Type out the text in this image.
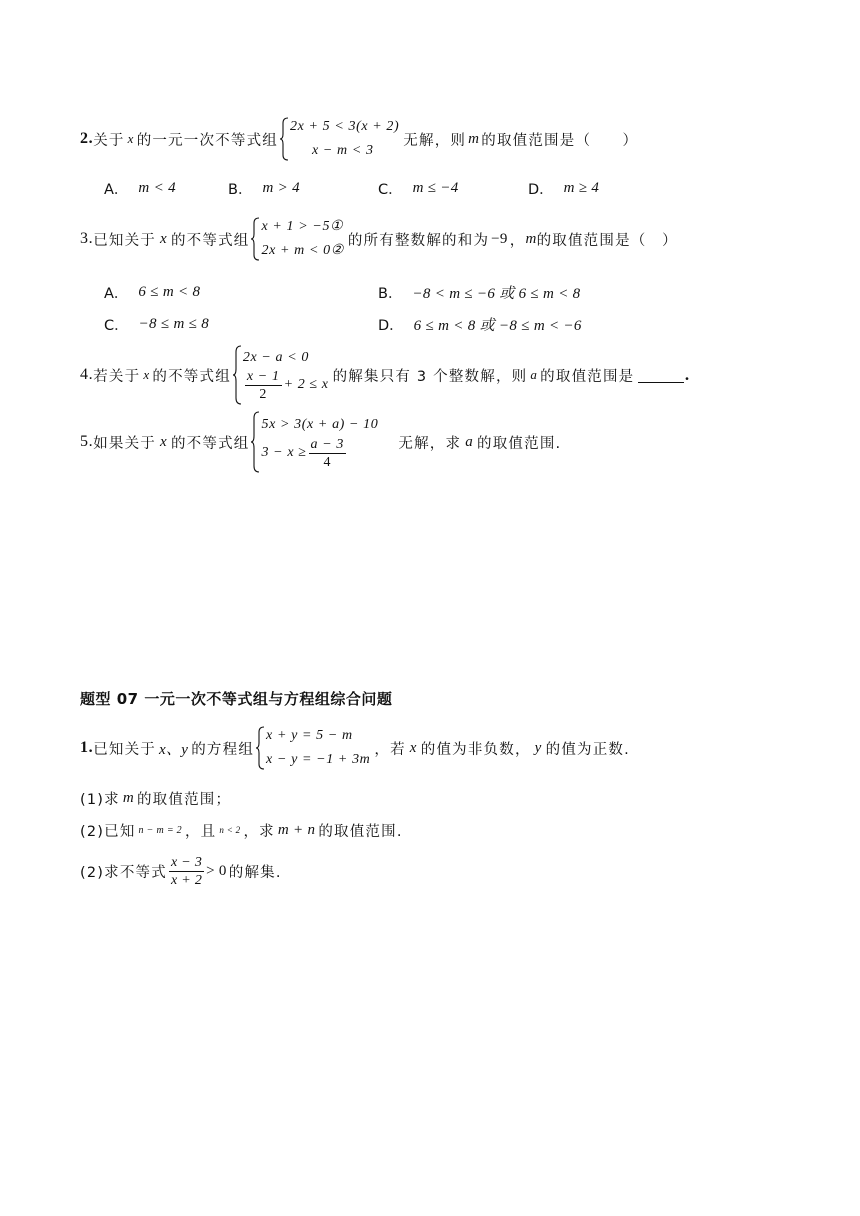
2. 关于 x 的一元一次不等式组
2x + 5 < 3(x + 2)
x − m < 3
无解，则 m 的取值范围是（　　）
A． m < 4	B． m > 4	C． m ≤ −4	D． m ≥ 4
3. 已知关于 x 的不等式组
x + 1 > −5①
2x + m < 0②
的所有整数解的和为 −9 ， m 的取值范围是（　）
A． 6 ≤ m < 8	B． −8 < m ≤ −6 或 6 ≤ m < 8
C． −8 ≤ m ≤ 8	D． 6 ≤ m < 8 或 −8 ≤ m < −6
4. 若关于 x 的不等式组
2x − a < 0
$\frac{x - 1}{2} + 2 \le x$ 的解集只有 3 个整数解，则 a 的取值范围是	.
5. 如果关于 x 的不等式组
5x > 3(x + a) − 10
$3 - x \ge \frac{a - 3}{4}$	无解，求 a 的取值范围.
题型 07 一元一次不等式组与方程组综合问题
1. 已知关于 x、y 的方程组
x + y = 5 − m
x − y = −1 + 3m
，若 x 的值为非负数， y 的值为正数.
(1)求 m 的取值范围；
(2)已知 n − m = 2 ，且 n < 2 ，求 m + n 的取值范围.
(2)求不等式 $\frac{x - 3}{x + 2} > 0$ 的解集.
